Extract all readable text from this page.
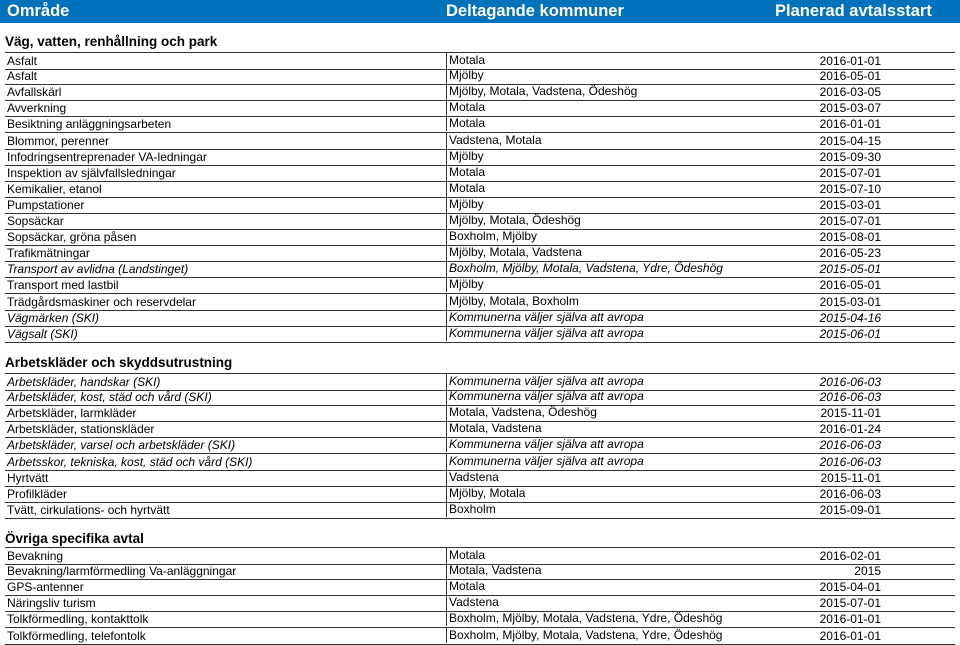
Område	Deltagande kommuner	Planerad avtalsstart
Väg, vatten, renhållning och park
Asfalt	Motala	2016-01-01
Asfalt	Mjölby	2016-05-01
Avfallskärl	Mjölby, Motala, Vadstena, Ödeshög	2016-03-05
Avverkning	Motala	2015-03-07
Besiktning anläggningsarbeten	Motala	2016-01-01
Blommor, perenner	Vadstena, Motala	2015-04-15
Infodringsentreprenader VA-ledningar	Mjölby	2015-09-30
Inspektion av självfallsledningar	Motala	2015-07-01
Kemikalier, etanol	Motala	2015-07-10
Pumpstationer	Mjölby	2015-03-01
Sopsäckar	Mjölby, Motala, Ödeshög	2015-07-01
Sopsäckar, gröna påsen	Boxholm, Mjölby	2015-08-01
Trafikmätningar	Mjölby, Motala, Vadstena	2016-05-23
Transport av avlidna (Landstinget)	Boxholm, Mjölby, Motala, Vadstena, Ydre, Ödeshög	2015-05-01
Transport med lastbil	Mjölby	2016-05-01
Trädgårdsmaskiner och reservdelar	Mjölby, Motala, Boxholm	2015-03-01
Vägmärken (SKI)	Kommunerna väljer själva att avropa	2015-04-16
Vägsalt (SKI)	Kommunerna väljer själva att avropa	2015-06-01
Arbetskläder och skyddsutrustning
Arbetskläder, handskar (SKI)	Kommunerna väljer själva att avropa	2016-06-03
Arbetskläder, kost, städ och vård (SKI)	Kommunerna väljer själva att avropa	2016-06-03
Arbetskläder, larmkläder	Motala, Vadstena, Ödeshög	2015-11-01
Arbetskläder, stationskläder	Motala, Vadstena	2016-01-24
Arbetskläder, varsel och arbetskläder (SKI)	Kommunerna väljer själva att avropa	2016-06-03
Arbetsskor, tekniska, kost, städ och vård (SKI)	Kommunerna väljer själva att avropa	2016-06-03
Hyrtvätt	Vadstena	2015-11-01
Profilkläder	Mjölby, Motala	2016-06-03
Tvätt, cirkulations- och hyrtvätt	Boxholm	2015-09-01
Övriga specifika avtal
Bevakning	Motala	2016-02-01
Bevakning/larmförmedling Va-anläggningar	Motala, Vadstena	2015
GPS-antenner	Motala	2015-04-01
Näringsliv turism	Vadstena	2015-07-01
Tolkförmedling, kontakttolk	Boxholm, Mjölby, Motala, Vadstena, Ydre, Ödeshög	2016-01-01
Tolkförmedling, telefontolk	Boxholm, Mjölby, Motala, Vadstena, Ydre, Ödeshög	2016-01-01
